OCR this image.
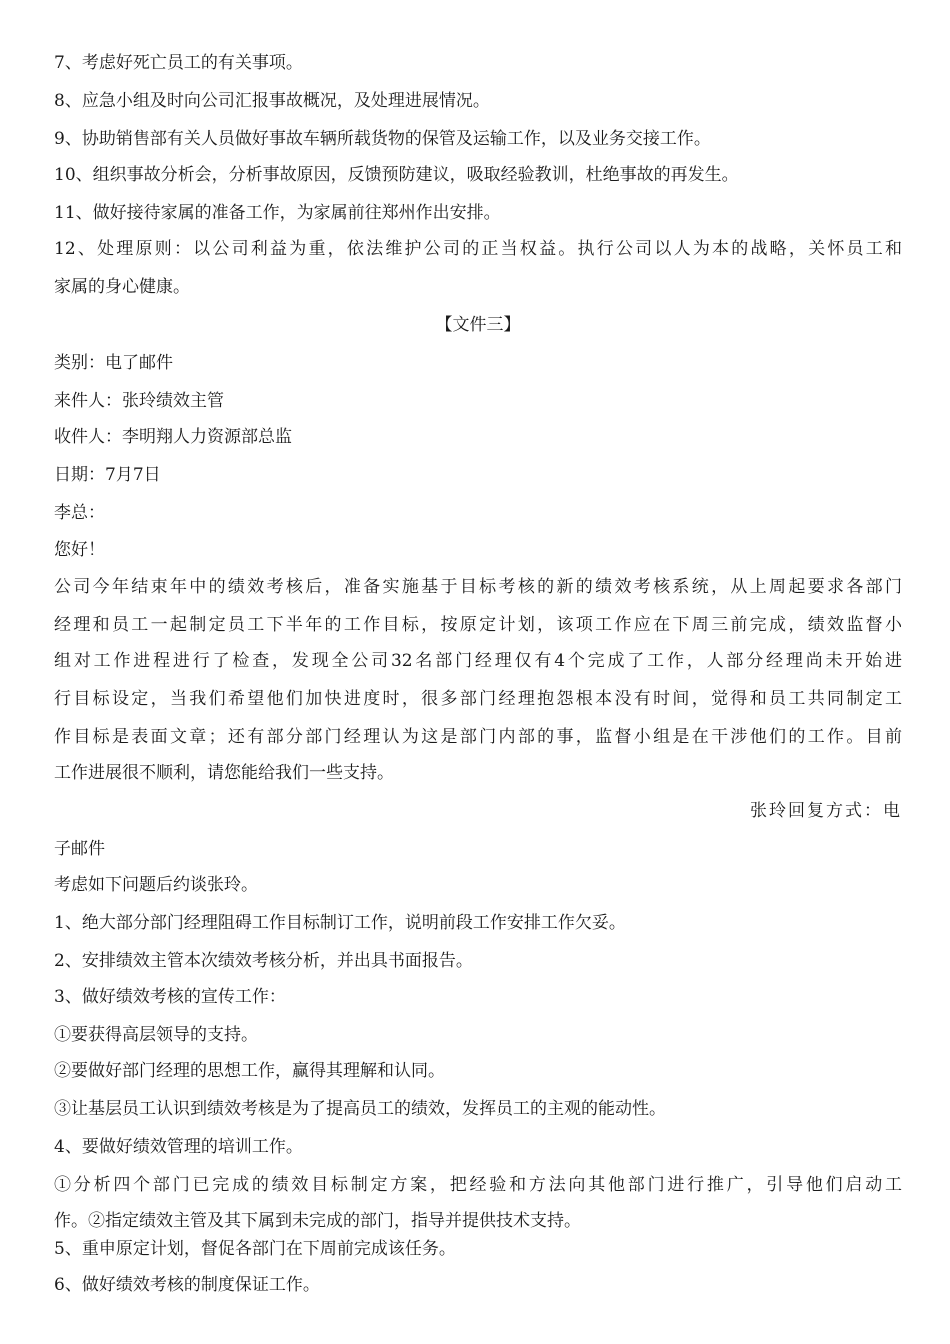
7、考虑好死亡员工的有关事项。
8、应急小组及时向公司汇报事故概况，及处理进展情况。
9、协助销售部有关人员做好事故车辆所载货物的保管及运输工作，以及业务交接工作。
10、组织事故分析会，分析事故原因，反馈预防建议，吸取经验教训，杜绝事故的再发生。
11、做好接待家属的准备工作，为家属前往郑州作出安排。
12、处理原则：以公司利益为重，依法维护公司的正当权益。执行公司以人为本的战略，关怀员工和
家属的身心健康。
【文件三】
类别：电了邮件
来件人：张玲绩效主管
收件人：李明翔人力资源部总监
日期：7月7日
李总：
您好！
公司今年结束年中的绩效考核后，准备实施基于目标考核的新的绩效考核系统，从上周起要求各部门
经理和员工一起制定员工下半年的工作目标，按原定计划，该项工作应在下周三前完成，绩效监督小
组对工作进程进行了检查，发现全公司32名部门经理仅有4个完成了工作，人部分经理尚未开始进
行目标设定，当我们希望他们加快进度时，很多部门经理抱怨根本没有时间，觉得和员工共同制定工
作目标是表面文章；还有部分部门经理认为这是部门内部的事，监督小组是在干涉他们的工作。目前
工作进展很不顺利，请您能给我们一些支持。
张玲回复方式：电
子邮件
考虑如下问题后约谈张玲。
1、绝大部分部门经理阻碍工作目标制订工作，说明前段工作安排工作欠妥。
2、安排绩效主管本次绩效考核分析，并出具书面报告。
3、做好绩效考核的宣传工作：
①要获得高层领导的支持。
②要做好部门经理的思想工作，赢得其理解和认同。
③让基层员工认识到绩效考核是为了提高员工的绩效，发挥员工的主观的能动性。
4、要做好绩效管理的培训工作。
①分析四个部门已完成的绩效目标制定方案，把经验和方法向其他部门进行推广，引导他们启动工
作。②指定绩效主管及其下属到未完成的部门，指导并提供技术支持。
5、重申原定计划，督促各部门在下周前完成该任务。
6、做好绩效考核的制度保证工作。
